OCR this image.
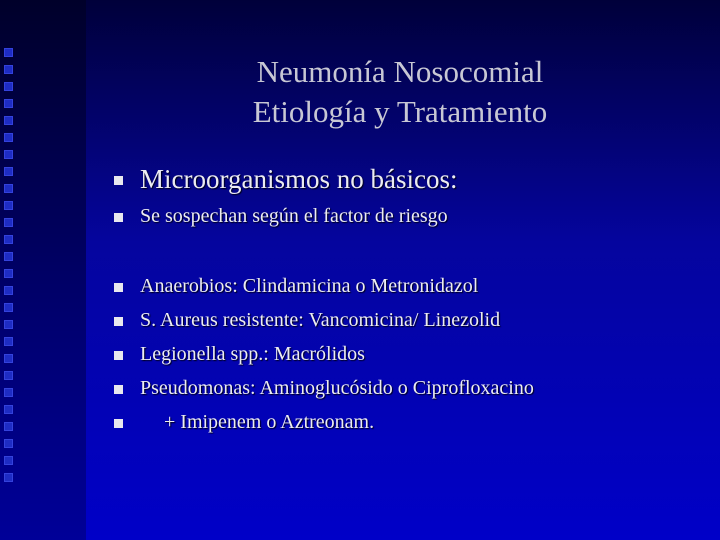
Neumonía Nosocomial
Etiología y Tratamiento
Microorganismos no básicos:
Se sospechan según el factor de riesgo
Anaerobios: Clindamicina o Metronidazol
S. Aureus resistente: Vancomicina/ Linezolid
Legionella spp.: Macrólidos
Pseudomonas: Aminoglucósido o Ciprofloxacino
+ Imipenem o Aztreonam.
